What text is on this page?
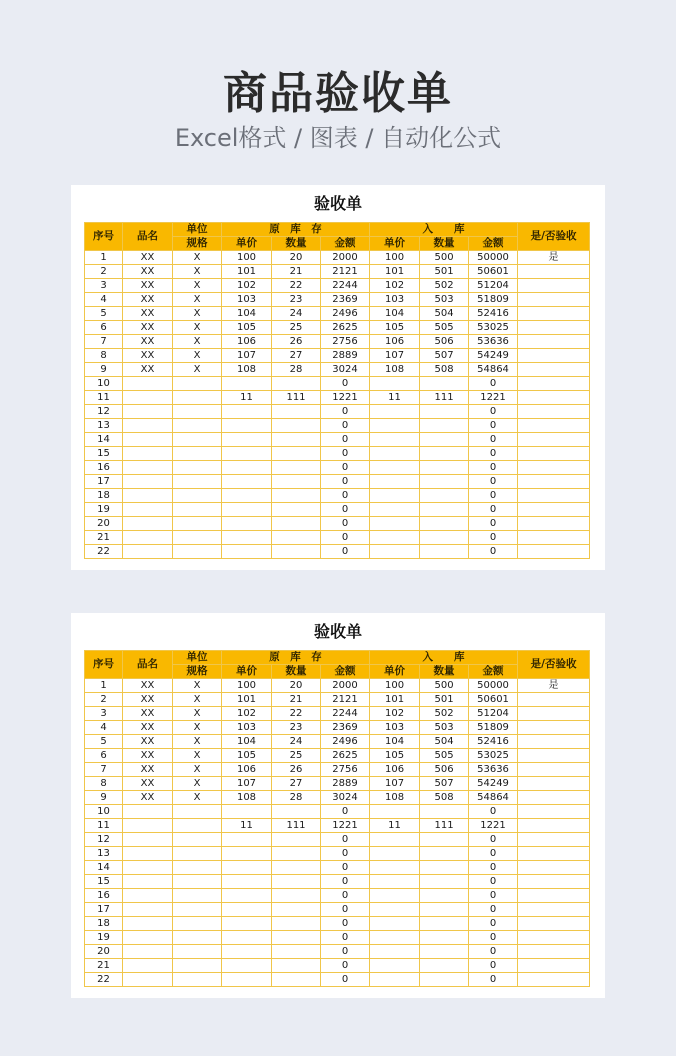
商品验收单
Excel格式 / 图表 / 自动化公式
验收单
序号	品名	单位	原　库　存			入　　库			是/否验收
		规格	单价	数量	金额	单价	数量	金额	
1	XX	X	100	20	2000	100	500	50000	是
2	XX	X	101	21	2121	101	501	50601	
3	XX	X	102	22	2244	102	502	51204	
4	XX	X	103	23	2369	103	503	51809	
5	XX	X	104	24	2496	104	504	52416	
6	XX	X	105	25	2625	105	505	53025	
7	XX	X	106	26	2756	106	506	53636	
8	XX	X	107	27	2889	107	507	54249	
9	XX	X	108	28	3024	108	508	54864	
10					0			0	
11			11	111	1221	11	111	1221	
12					0			0	
13					0			0	
14					0			0	
15					0			0	
16					0			0	
17					0			0	
18					0			0	
19					0			0	
20					0			0	
21					0			0	
22					0			0	
验收单
序号	品名	单位	原　库　存			入　　库			是/否验收
		规格	单价	数量	金额	单价	数量	金额	
1	XX	X	100	20	2000	100	500	50000	是
2	XX	X	101	21	2121	101	501	50601	
3	XX	X	102	22	2244	102	502	51204	
4	XX	X	103	23	2369	103	503	51809	
5	XX	X	104	24	2496	104	504	52416	
6	XX	X	105	25	2625	105	505	53025	
7	XX	X	106	26	2756	106	506	53636	
8	XX	X	107	27	2889	107	507	54249	
9	XX	X	108	28	3024	108	508	54864	
10					0			0	
11			11	111	1221	11	111	1221	
12					0			0	
13					0			0	
14					0			0	
15					0			0	
16					0			0	
17					0			0	
18					0			0	
19					0			0	
20					0			0	
21					0			0	
22					0			0	
